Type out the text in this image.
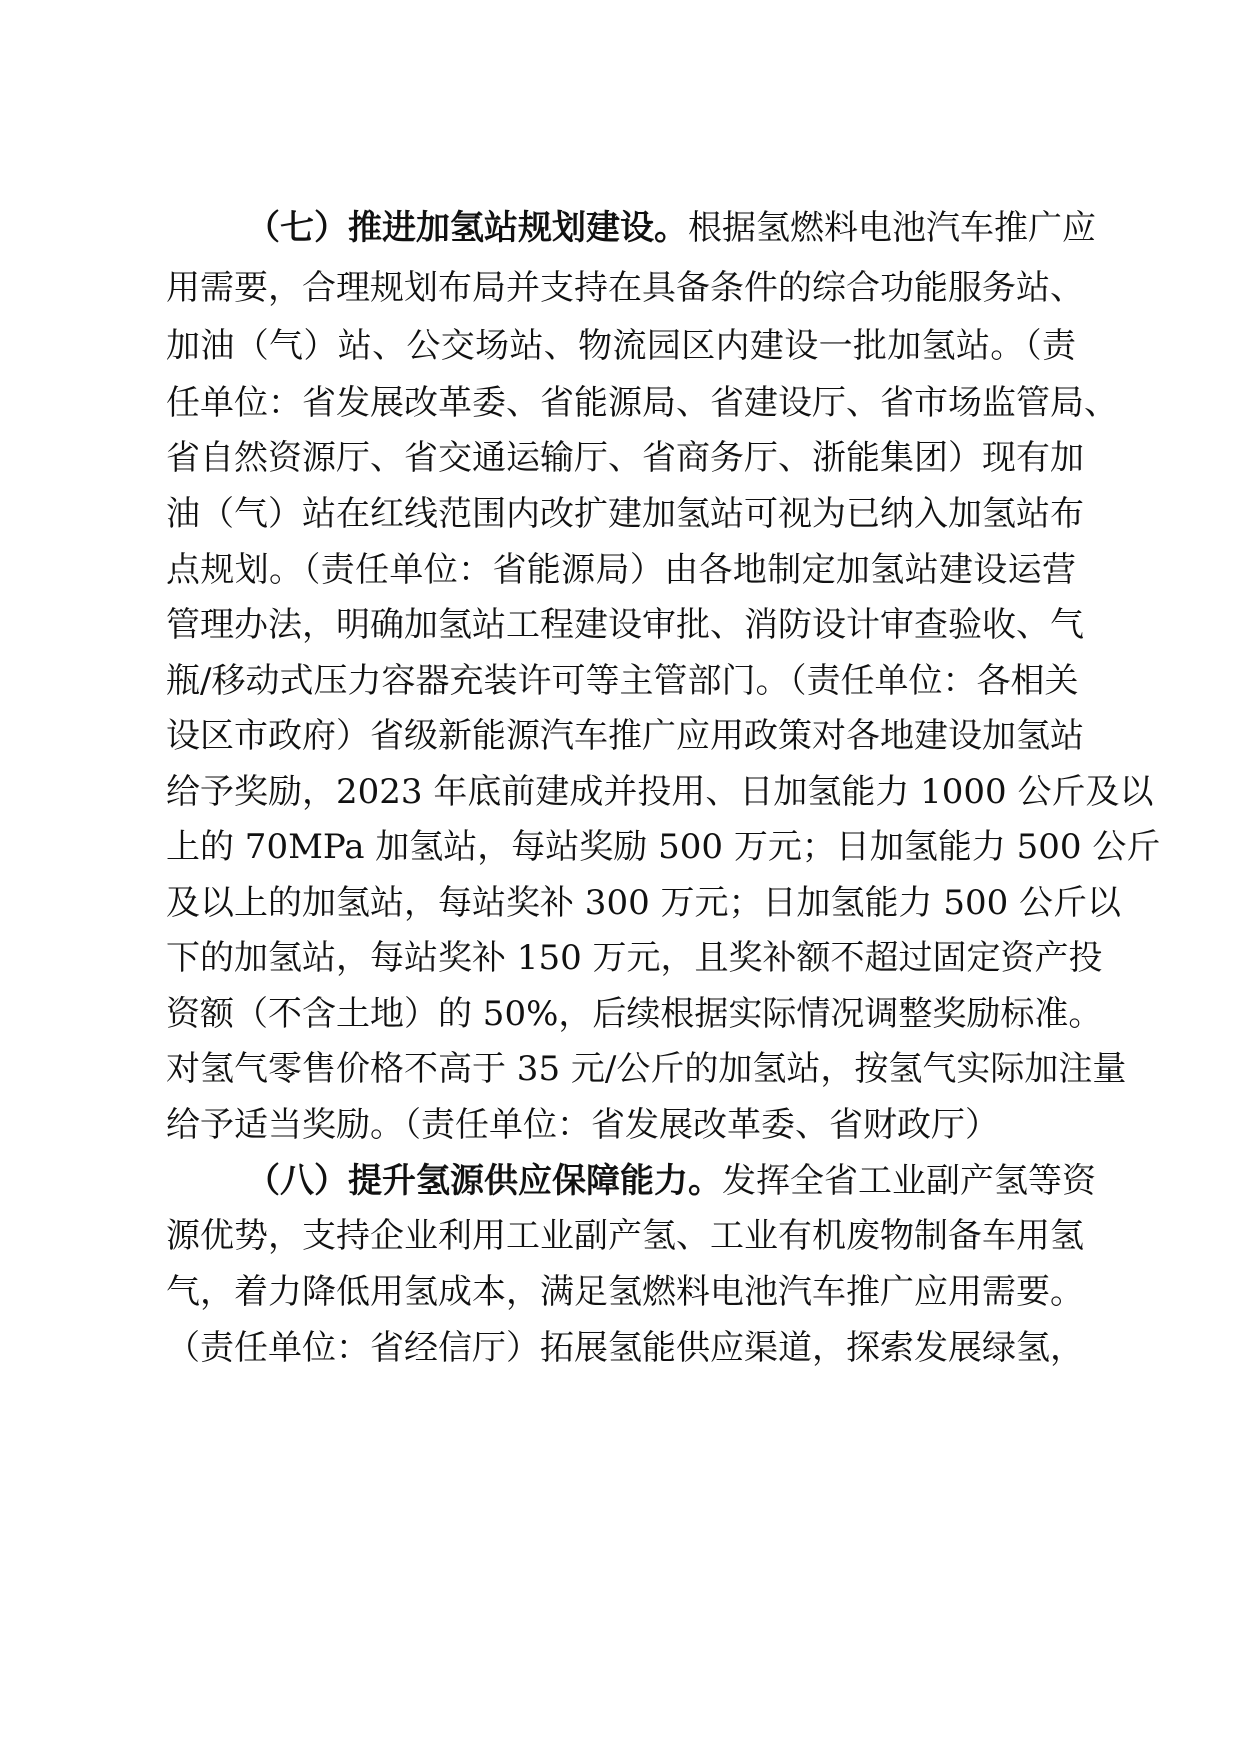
（七）推进加氢站规划建设。根据氢燃料电池汽车推广应
用需要，合理规划布局并支持在具备条件的综合功能服务站、
加油（气）站、公交场站、物流园区内建设一批加氢站。（责
任单位：省发展改革委、省能源局、省建设厅、省市场监管局、
省自然资源厅、省交通运输厅、省商务厅、浙能集团）现有加
油（气）站在红线范围内改扩建加氢站可视为已纳入加氢站布
点规划。（责任单位：省能源局）由各地制定加氢站建设运营
管理办法，明确加氢站工程建设审批、消防设计审查验收、气
瓶/移动式压力容器充装许可等主管部门。（责任单位：各相关
设区市政府）省级新能源汽车推广应用政策对各地建设加氢站
给予奖励，2023 年底前建成并投用、日加氢能力 1000 公斤及以
上的 70MPa 加氢站，每站奖励 500 万元；日加氢能力 500 公斤
及以上的加氢站，每站奖补 300 万元；日加氢能力 500 公斤以
下的加氢站，每站奖补 150 万元，且奖补额不超过固定资产投
资额（不含土地）的 50%，后续根据实际情况调整奖励标准。
对氢气零售价格不高于 35 元/公斤的加氢站，按氢气实际加注量
给予适当奖励。（责任单位：省发展改革委、省财政厅）
（八）提升氢源供应保障能力。发挥全省工业副产氢等资
源优势，支持企业利用工业副产氢、工业有机废物制备车用氢
气，着力降低用氢成本，满足氢燃料电池汽车推广应用需要。
（责任单位：省经信厅）拓展氢能供应渠道，探索发展绿氢，
